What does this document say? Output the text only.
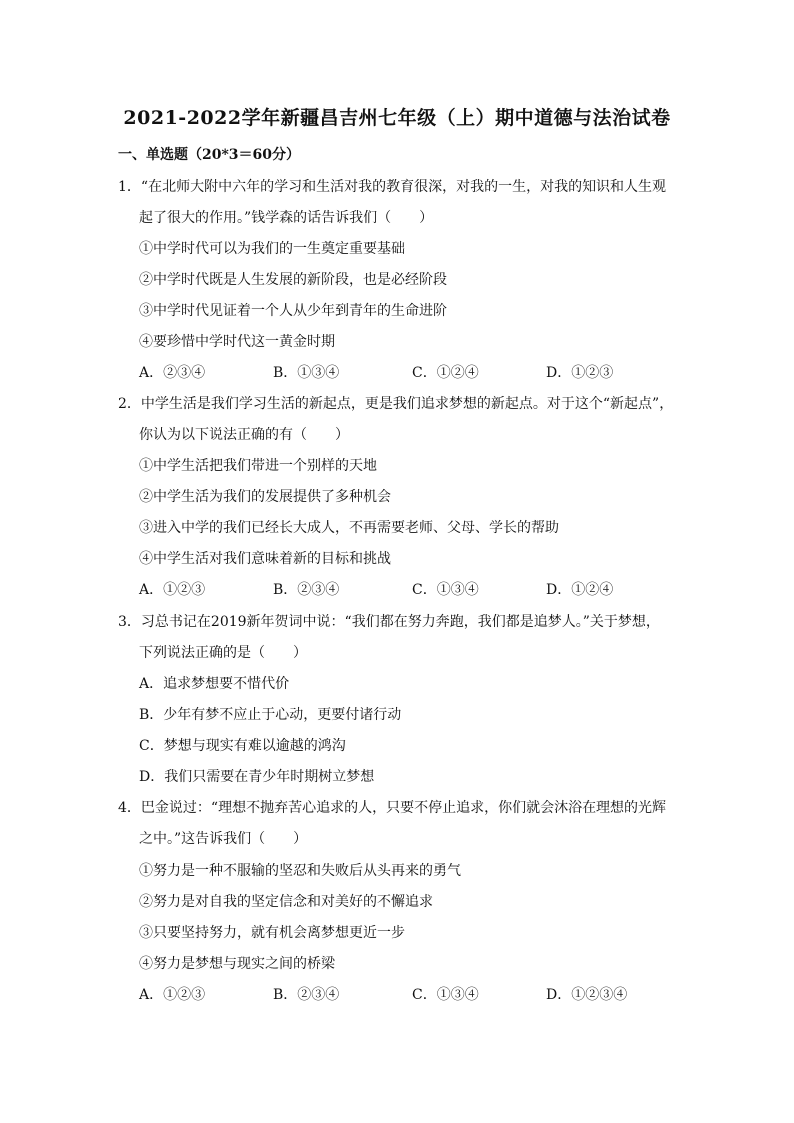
2021-2022学年新疆昌吉州七年级（上）期中道德与法治试卷
一、单选题（20*3＝60分）
1．“在北师大附中六年的学习和生活对我的教育很深，对我的一生，对我的知识和人生观
起了很大的作用。”钱学森的话告诉我们（　　）
①中学时代可以为我们的一生奠定重要基础
②中学时代既是人生发展的新阶段，也是必经阶段
③中学时代见证着一个人从少年到青年的生命进阶
④要珍惜中学时代这一黄金时期
A．②③④	B．①③④	C．①②④	D．①②③
2．中学生活是我们学习生活的新起点，更是我们追求梦想的新起点。对于这个“新起点”，
你认为以下说法正确的有（　　）
①中学生活把我们带进一个别样的天地
②中学生活为我们的发展提供了多种机会
③进入中学的我们已经长大成人，不再需要老师、父母、学长的帮助
④中学生活对我们意味着新的目标和挑战
A．①②③	B．②③④	C．①③④	D．①②④
3．习总书记在2019新年贺词中说：“我们都在努力奔跑，我们都是追梦人。”关于梦想，
下列说法正确的是（　　）
A．追求梦想要不惜代价
B．少年有梦不应止于心动，更要付诸行动
C．梦想与现实有难以逾越的鸿沟
D．我们只需要在青少年时期树立梦想
4．巴金说过：“理想不抛弃苦心追求的人，只要不停止追求，你们就会沐浴在理想的光辉
之中。”这告诉我们（　　）
①努力是一种不服输的坚忍和失败后从头再来的勇气
②努力是对自我的坚定信念和对美好的不懈追求
③只要坚持努力，就有机会离梦想更近一步
④努力是梦想与现实之间的桥梁
A．①②③	B．②③④	C．①③④	D．①②③④
